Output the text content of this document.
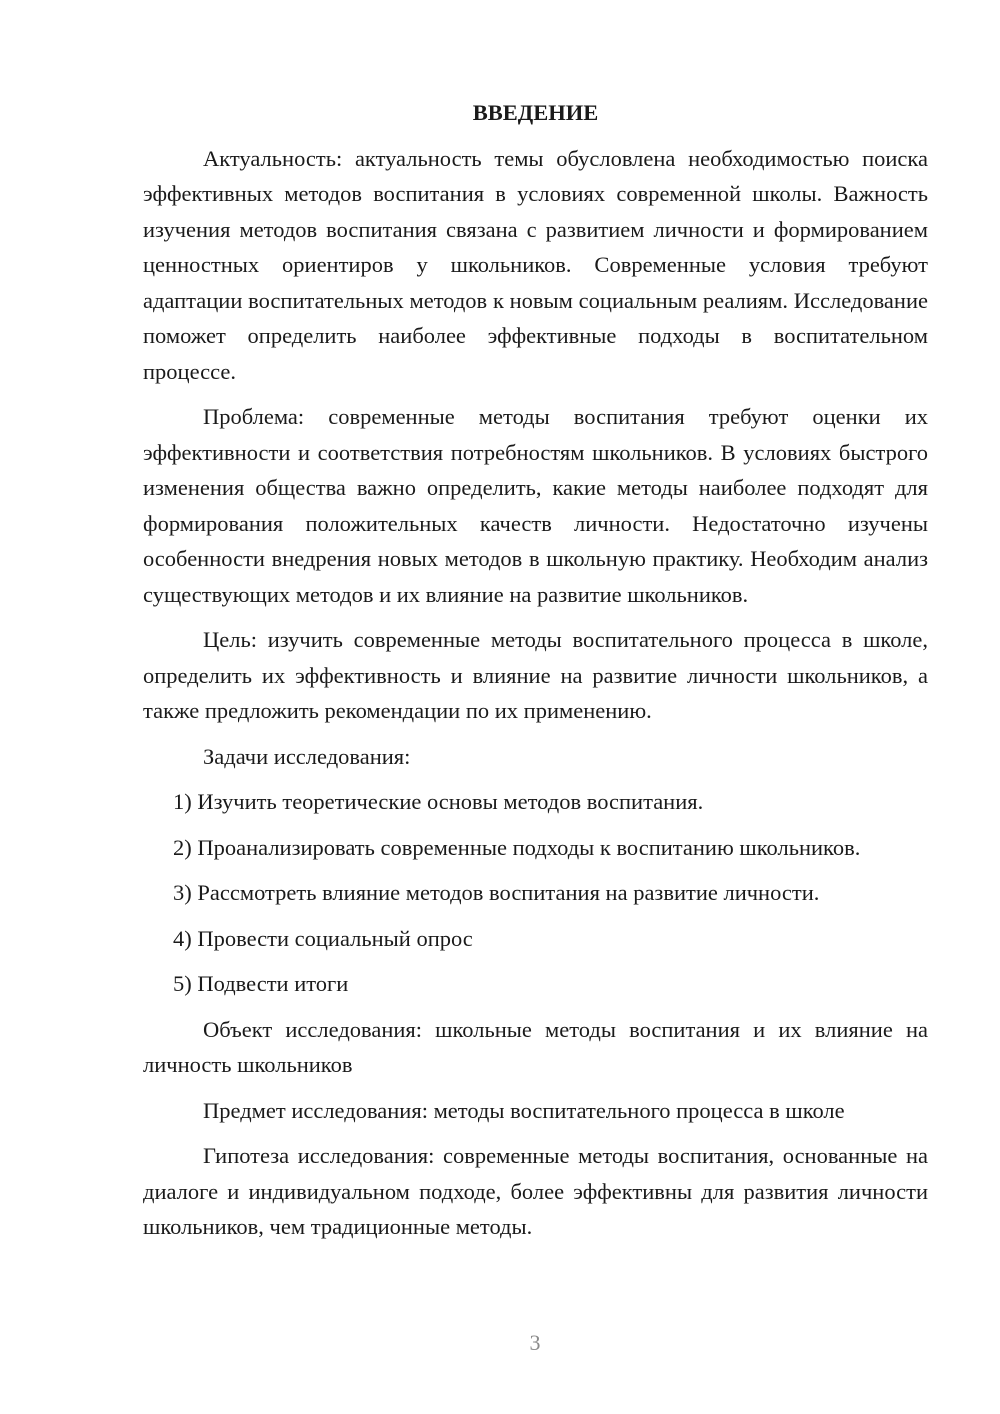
ВВЕДЕНИЕ

Актуальность: актуальность темы обусловлена необходимостью поиска эффективных методов воспитания в условиях современной школы. Важность изучения методов воспитания связана с развитием личности и формированием ценностных ориентиров у школьников. Современные условия требуют адаптации воспитательных методов к новым социальным реалиям. Исследование поможет определить наиболее эффективные подходы в воспитательном процессе.

Проблема: современные методы воспитания требуют оценки их эффективности и соответствия потребностям школьников. В условиях быстрого изменения общества важно определить, какие методы наиболее подходят для формирования положительных качеств личности. Недостаточно изучены особенности внедрения новых методов в школьную практику. Необходим анализ существующих методов и их влияние на развитие школьников.

Цель: изучить современные методы воспитательного процесса в школе, определить их эффективность и влияние на развитие личности школьников, а также предложить рекомендации по их применению.

Задачи исследования:

1) Изучить теоретические основы методов воспитания.

2) Проанализировать современные подходы к воспитанию школьников.

3) Рассмотреть влияние методов воспитания на развитие личности.

4) Провести социальный опрос

5) Подвести итоги

Объект исследования: школьные методы воспитания и их влияние на личность школьников

Предмет исследования: методы воспитательного процесса в школе

Гипотеза исследования: современные методы воспитания, основанные на диалоге и индивидуальном подходе, более эффективны для развития личности школьников, чем традиционные методы.

3
